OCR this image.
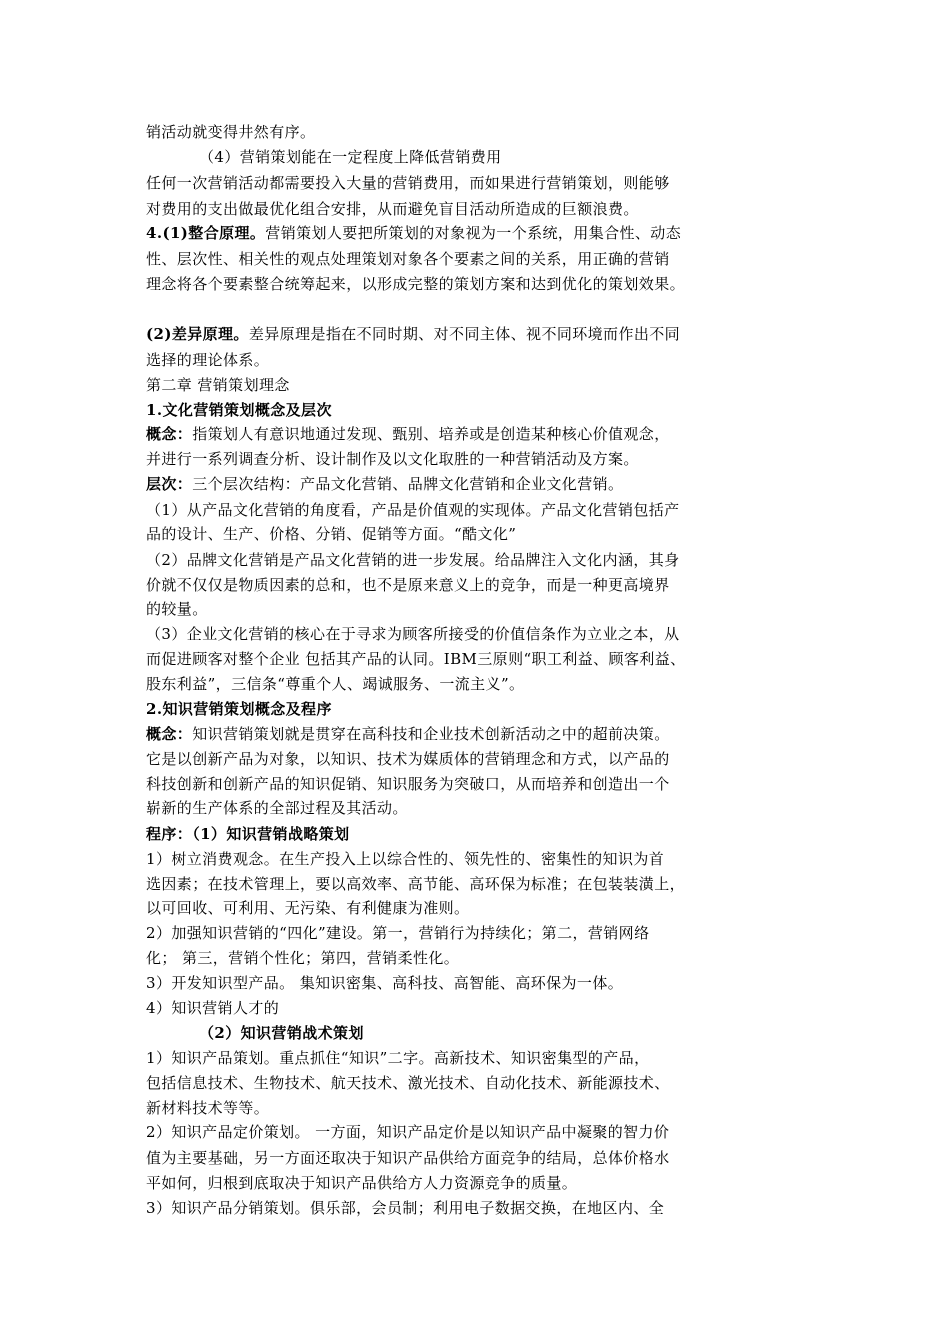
销活动就变得井然有序。
（4）营销策划能在一定程度上降低营销费用
任何一次营销活动都需要投入大量的营销费用，而如果进行营销策划，则能够
对费用的支出做最优化组合安排，从而避免盲目活动所造成的巨额浪费。
4.(1)整合原理。营销策划人要把所策划的对象视为一个系统，用集合性、动态
性、层次性、相关性的观点处理策划对象各个要素之间的关系，用正确的营销
理念将各个要素整合统筹起来，以形成完整的策划方案和达到优化的策划效果。
(2)差异原理。差异原理是指在不同时期、对不同主体、视不同环境而作出不同
选择的理论体系。
第二章 营销策划理念
1.文化营销策划概念及层次
概念：指策划人有意识地通过发现、甄别、培养或是创造某种核心价值观念，
并进行一系列调查分析、设计制作及以文化取胜的一种营销活动及方案。
层次：三个层次结构：产品文化营销、品牌文化营销和企业文化营销。
（1）从产品文化营销的角度看，产品是价值观的实现体。产品文化营销包括产
品的设计、生产、价格、分销、促销等方面。“酷文化”
（2）品牌文化营销是产品文化营销的进一步发展。给品牌注入文化内涵，其身
价就不仅仅是物质因素的总和，也不是原来意义上的竞争，而是一种更高境界
的较量。
（3）企业文化营销的核心在于寻求为顾客所接受的价值信条作为立业之本，从
而促进顾客对整个企业 包括其产品的认同。IBM三原则“职工利益、顾客利益、
股东利益”，三信条“尊重个人、竭诚服务、一流主义”。
2.知识营销策划概念及程序
概念：知识营销策划就是贯穿在高科技和企业技术创新活动之中的超前决策。
它是以创新产品为对象，以知识、技术为媒质体的营销理念和方式，以产品的
科技创新和创新产品的知识促销、知识服务为突破口，从而培养和创造出一个
崭新的生产体系的全部过程及其活动。
程序：（1）知识营销战略策划
1）树立消费观念。在生产投入上以综合性的、领先性的、密集性的知识为首
选因素；在技术管理上，要以高效率、高节能、高环保为标准；在包装装潢上，
以可回收、可利用、无污染、有利健康为准则。
2）加强知识营销的“四化”建设。第一，营销行为持续化；第二，营销网络
化； 第三，营销个性化；第四，营销柔性化。
3）开发知识型产品。 集知识密集、高科技、高智能、高环保为一体。
4）知识营销人才的
（2）知识营销战术策划
1）知识产品策划。重点抓住“知识”二字。高新技术、知识密集型的产品，
包括信息技术、生物技术、航天技术、激光技术、自动化技术、新能源技术、
新材料技术等等。
2）知识产品定价策划。 一方面，知识产品定价是以知识产品中凝聚的智力价
值为主要基础，另一方面还取决于知识产品供给方面竞争的结局，总体价格水
平如何，归根到底取决于知识产品供给方人力资源竞争的质量。
3）知识产品分销策划。俱乐部，会员制；利用电子数据交换，在地区内、全
